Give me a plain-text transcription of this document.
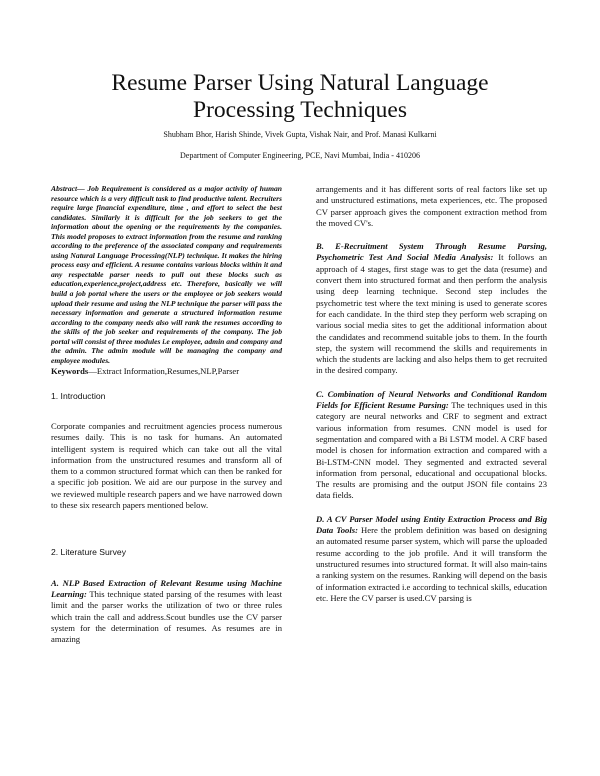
Resume Parser Using Natural Language
Processing Techniques
Shubham Bhor, Harish Shinde, Vivek Gupta, Vishak Nair, and Prof. Manasi Kulkarni
Department of Computer Engineering, PCE, Navi Mumbai, India - 410206

Abstract— Job Requirement is considered as a major activity of human resource which is a very difficult task to find productive talent. Recruiters require large financial expenditure, time , and effort to select the best candidates. Similarly it is difficult for the job seekers to get the information about the opening or the requirements by the companies. This model proposes to extract information from the resume and ranking according to the preference of the associated company and requirements using Natural Language Processing(NLP) technique. It makes the hiring process easy and efficient. A resume contains various blocks within it and any respectable parser needs to pull out these blocks such as education,experience,project,address etc. Therefore, basically we will build a job portal where the users or the employee or job seekers would upload their resume and using the NLP technique the parser will pass the necessary information and generate a structured information resume according to the company needs also will rank the resumes according to the skills of the job seeker and requirements of the company. The job portal will consist of three modules i.e employee, admin and company and the admin. The admin module will be managing the company and employee modules.

Keywords—Extract Information,Resumes,NLP,Parser

1. Introduction

Corporate companies and recruitment agencies process numerous resumes daily. This is no task for humans. An automated intelligent system is required which can take out all the vital information from the unstructured resumes and transform all of them to a common structured format which can then be ranked for a specific job position. We aid are our purpose in the survey and we reviewed multiple research papers and we have narrowed down to these six research papers mentioned below.

2. Literature Survey

A. NLP Based Extraction of Relevant Resume using Machine Learning: This technique stated parsing of the resumes with least limit and the parser works the utilization of two or three rules which train the call and address.Scout bundles use the CV parser system for the determination of resumes. As resumes are in amazing

arrangements and it has different sorts of real factors like set up and unstructured estimations, meta experiences, etc. The proposed CV parser approach gives the component extraction method from the moved CV's.

B. E-Recruitment System Through Resume Parsing, Psychometric Test And Social Media Analysis: It follows an approach of 4 stages, first stage was to get the data (resume) and convert them into structured format and then perform the analysis using deep learning technique. Second step includes the psychometric test where the text mining is used to generate scores for each candidate. In the third step they perform web scraping on various social media sites to get the additional information about the candidates and recommend suitable jobs to them. In the fourth step, the system will recommend the skills and requirements in which the students are lacking and also helps them to get recruited in the desired company.

C. Combination of Neural Networks and Conditional Random Fields for Efficient Resume Parsing: The techniques used in this category are neural networks and CRF to segment and extract various information from resumes. CNN model is used for segmentation and compared with a Bi LSTM model. A CRF based model is chosen for information extraction and compared with a Bi-LSTM-CNN model. They segmented and extracted several information from personal, educational and occupational blocks. The results are promising and the output JSON file contains 23 data fields.

D. A CV Parser Model using Entity Extraction Process and Big Data Tools: Here the problem definition was based on designing an automated resume parser system, which will parse the uploaded resume according to the job profile. And it will transform the unstructured resumes into structured format. It will also main-tains a ranking system on the resumes. Ranking will depend on the basis of information extracted i.e according to technical skills, education etc. Here the CV parser is used.CV parsing is
